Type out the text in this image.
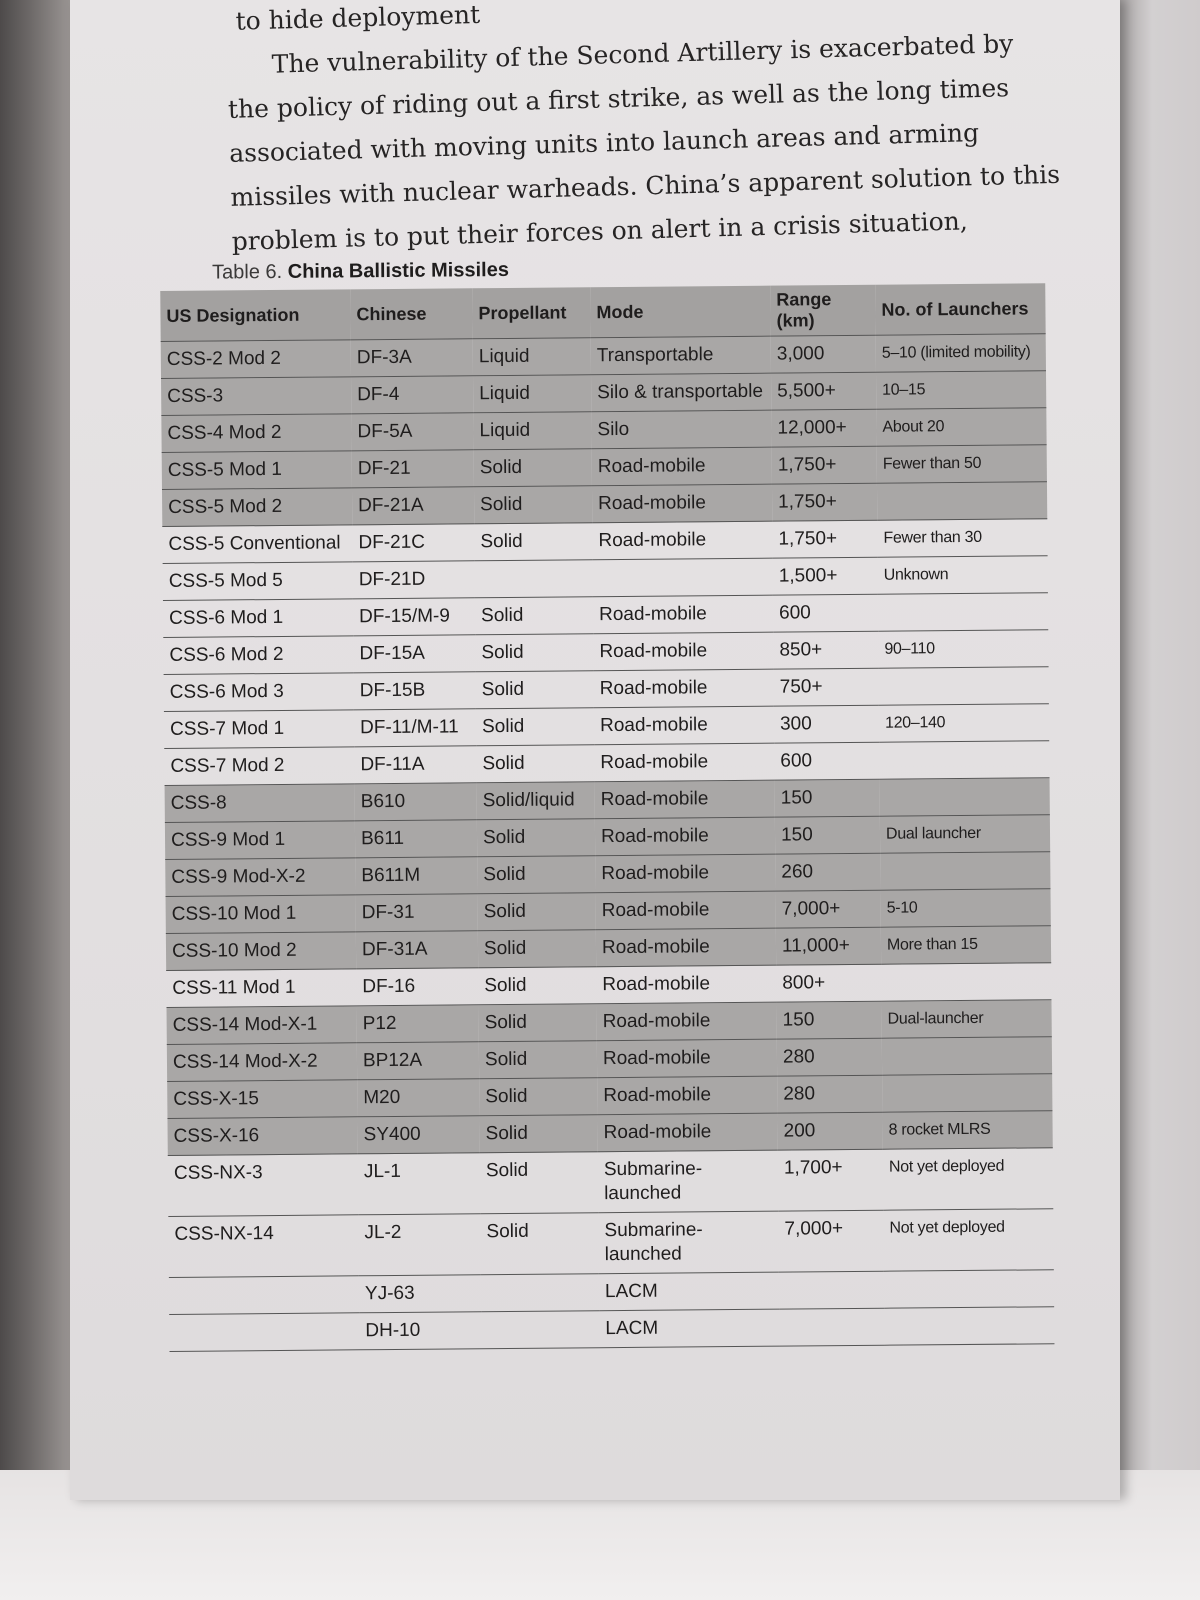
to hide deployment

The vulnerability of the Second Artillery is exacerbated by the policy of riding out a first strike, as well as the long times associated with moving units into launch areas and arming missiles with nuclear warheads. China’s apparent solution to this problem is to put their forces on alert in a crisis situation,

Table 6. China Ballistic Missiles
US Designation	Chinese	Propellant	Mode	Range (km)	No. of Launchers
CSS-2 Mod 2	DF-3A	Liquid	Transportable	3,000	5–10 (limited mobility)
CSS-3	DF-4	Liquid	Silo & transportable	5,500+	10–15
CSS-4 Mod 2	DF-5A	Liquid	Silo	12,000+	About 20
CSS-5 Mod 1	DF-21	Solid	Road-mobile	1,750+	Fewer than 50
CSS-5 Mod 2	DF-21A	Solid	Road-mobile	1,750+	
CSS-5 Conventional	DF-21C	Solid	Road-mobile	1,750+	Fewer than 30
CSS-5 Mod 5	DF-21D			1,500+	Unknown
CSS-6 Mod 1	DF-15/M-9	Solid	Road-mobile	600	
CSS-6 Mod 2	DF-15A	Solid	Road-mobile	850+	90–110
CSS-6 Mod 3	DF-15B	Solid	Road-mobile	750+	
CSS-7 Mod 1	DF-11/M-11	Solid	Road-mobile	300	120–140
CSS-7 Mod 2	DF-11A	Solid	Road-mobile	600	
CSS-8	B610	Solid/liquid	Road-mobile	150	
CSS-9 Mod 1	B611	Solid	Road-mobile	150	Dual launcher
CSS-9 Mod-X-2	B611M	Solid	Road-mobile	260	
CSS-10 Mod 1	DF-31	Solid	Road-mobile	7,000+	5-10
CSS-10 Mod 2	DF-31A	Solid	Road-mobile	11,000+	More than 15
CSS-11 Mod 1	DF-16	Solid	Road-mobile	800+	
CSS-14 Mod-X-1	P12	Solid	Road-mobile	150	Dual-launcher
CSS-14 Mod-X-2	BP12A	Solid	Road-mobile	280	
CSS-X-15	M20	Solid	Road-mobile	280	
CSS-X-16	SY400	Solid	Road-mobile	200	8 rocket MLRS
CSS-NX-3	JL-1	Solid	Submarine-launched	1,700+	Not yet deployed
CSS-NX-14	JL-2	Solid	Submarine-launched	7,000+	Not yet deployed
	YJ-63		LACM		
	DH-10		LACM		
